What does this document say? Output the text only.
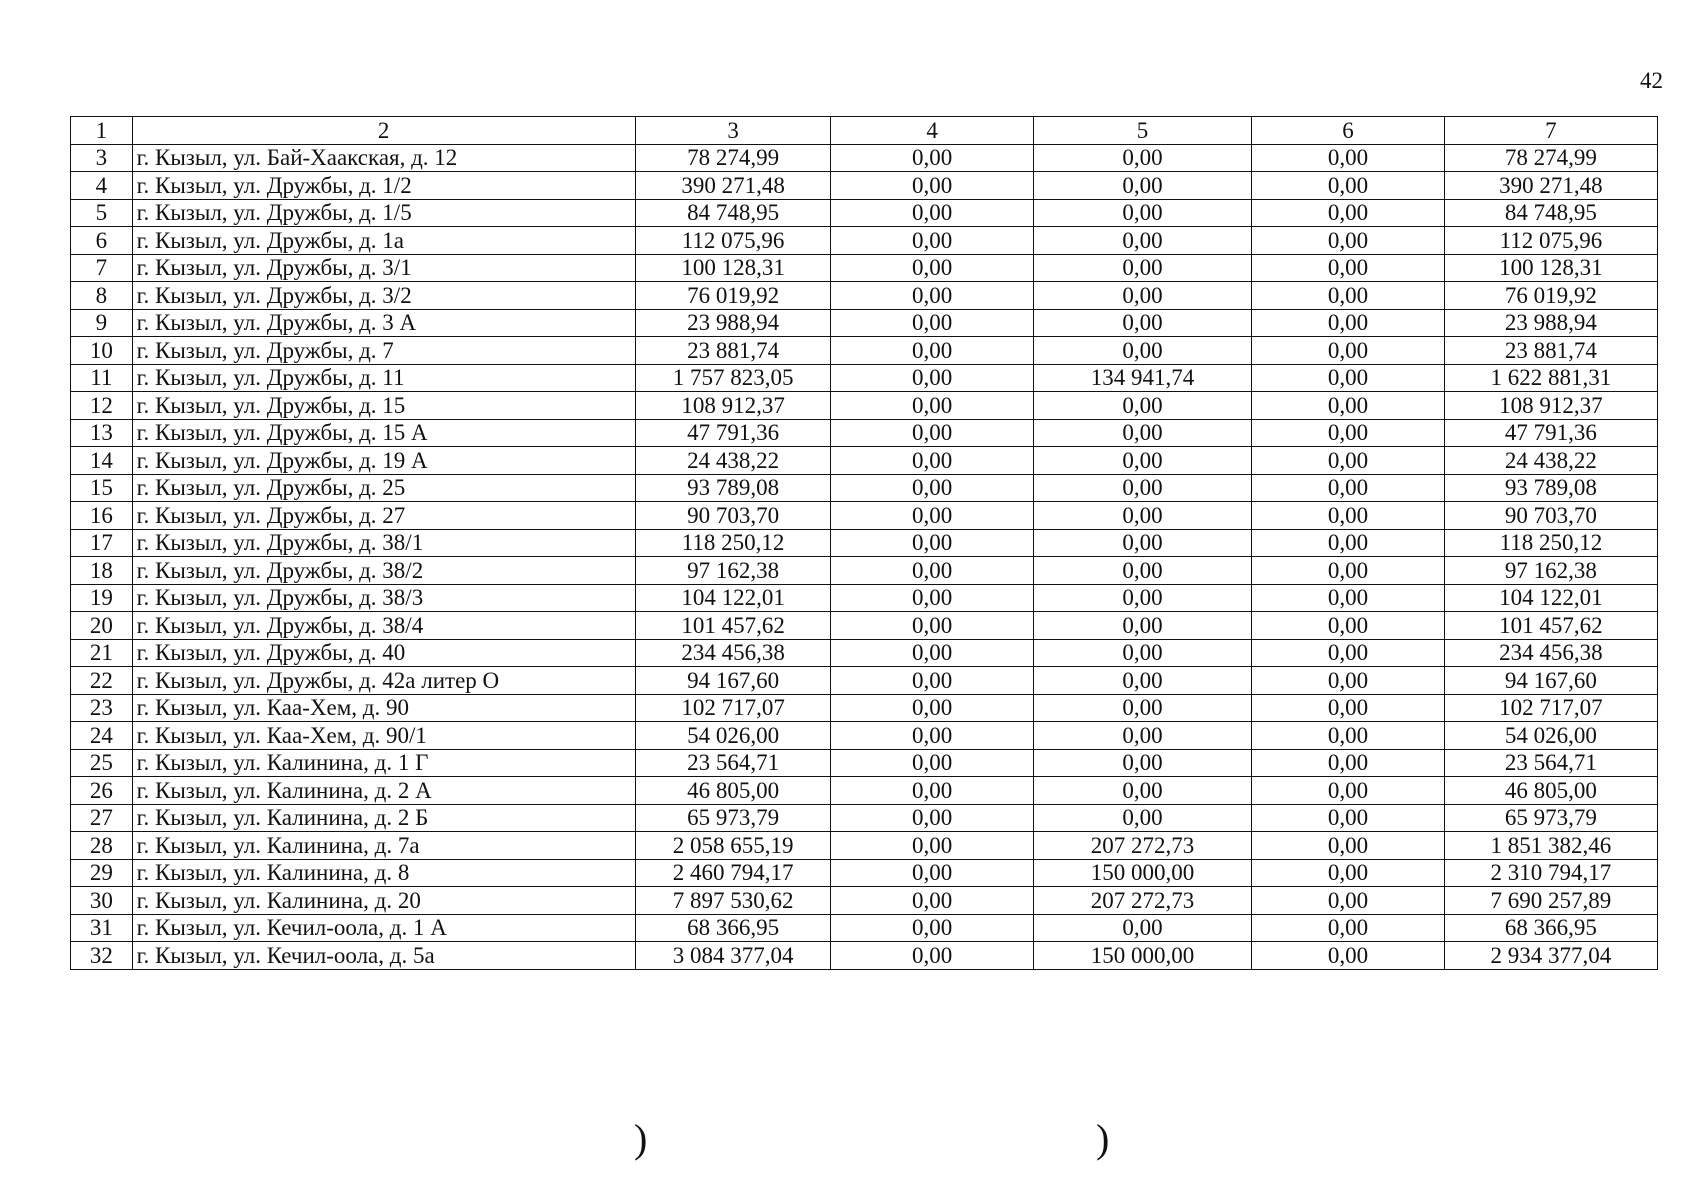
42
1	2	3	4	5	6	7
3	г. Кызыл, ул. Бай-Хаакская, д. 12	78 274,99	0,00	0,00	0,00	78 274,99
4	г. Кызыл, ул. Дружбы, д. 1/2	390 271,48	0,00	0,00	0,00	390 271,48
5	г. Кызыл, ул. Дружбы, д. 1/5	84 748,95	0,00	0,00	0,00	84 748,95
6	г. Кызыл, ул. Дружбы, д. 1а	112 075,96	0,00	0,00	0,00	112 075,96
7	г. Кызыл, ул. Дружбы, д. 3/1	100 128,31	0,00	0,00	0,00	100 128,31
8	г. Кызыл, ул. Дружбы, д. 3/2	76 019,92	0,00	0,00	0,00	76 019,92
9	г. Кызыл, ул. Дружбы, д. 3 А	23 988,94	0,00	0,00	0,00	23 988,94
10	г. Кызыл, ул. Дружбы, д. 7	23 881,74	0,00	0,00	0,00	23 881,74
11	г. Кызыл, ул. Дружбы, д. 11	1 757 823,05	0,00	134 941,74	0,00	1 622 881,31
12	г. Кызыл, ул. Дружбы, д. 15	108 912,37	0,00	0,00	0,00	108 912,37
13	г. Кызыл, ул. Дружбы, д. 15 А	47 791,36	0,00	0,00	0,00	47 791,36
14	г. Кызыл, ул. Дружбы, д. 19 А	24 438,22	0,00	0,00	0,00	24 438,22
15	г. Кызыл, ул. Дружбы, д. 25	93 789,08	0,00	0,00	0,00	93 789,08
16	г. Кызыл, ул. Дружбы, д. 27	90 703,70	0,00	0,00	0,00	90 703,70
17	г. Кызыл, ул. Дружбы, д. 38/1	118 250,12	0,00	0,00	0,00	118 250,12
18	г. Кызыл, ул. Дружбы, д. 38/2	97 162,38	0,00	0,00	0,00	97 162,38
19	г. Кызыл, ул. Дружбы, д. 38/3	104 122,01	0,00	0,00	0,00	104 122,01
20	г. Кызыл, ул. Дружбы, д. 38/4	101 457,62	0,00	0,00	0,00	101 457,62
21	г. Кызыл, ул. Дружбы, д. 40	234 456,38	0,00	0,00	0,00	234 456,38
22	г. Кызыл, ул. Дружбы, д. 42а литер О	94 167,60	0,00	0,00	0,00	94 167,60
23	г. Кызыл, ул. Каа-Хем, д. 90	102 717,07	0,00	0,00	0,00	102 717,07
24	г. Кызыл, ул. Каа-Хем, д. 90/1	54 026,00	0,00	0,00	0,00	54 026,00
25	г. Кызыл, ул. Калинина, д. 1 Г	23 564,71	0,00	0,00	0,00	23 564,71
26	г. Кызыл, ул. Калинина, д. 2 А	46 805,00	0,00	0,00	0,00	46 805,00
27	г. Кызыл, ул. Калинина, д. 2 Б	65 973,79	0,00	0,00	0,00	65 973,79
28	г. Кызыл, ул. Калинина, д. 7а	2 058 655,19	0,00	207 272,73	0,00	1 851 382,46
29	г. Кызыл, ул. Калинина, д. 8	2 460 794,17	0,00	150 000,00	0,00	2 310 794,17
30	г. Кызыл, ул. Калинина, д. 20	7 897 530,62	0,00	207 272,73	0,00	7 690 257,89
31	г. Кызыл, ул. Кечил-оола, д. 1 А	68 366,95	0,00	0,00	0,00	68 366,95
32	г. Кызыл, ул. Кечил-оола, д. 5а	3 084 377,04	0,00	150 000,00	0,00	2 934 377,04
)	)
